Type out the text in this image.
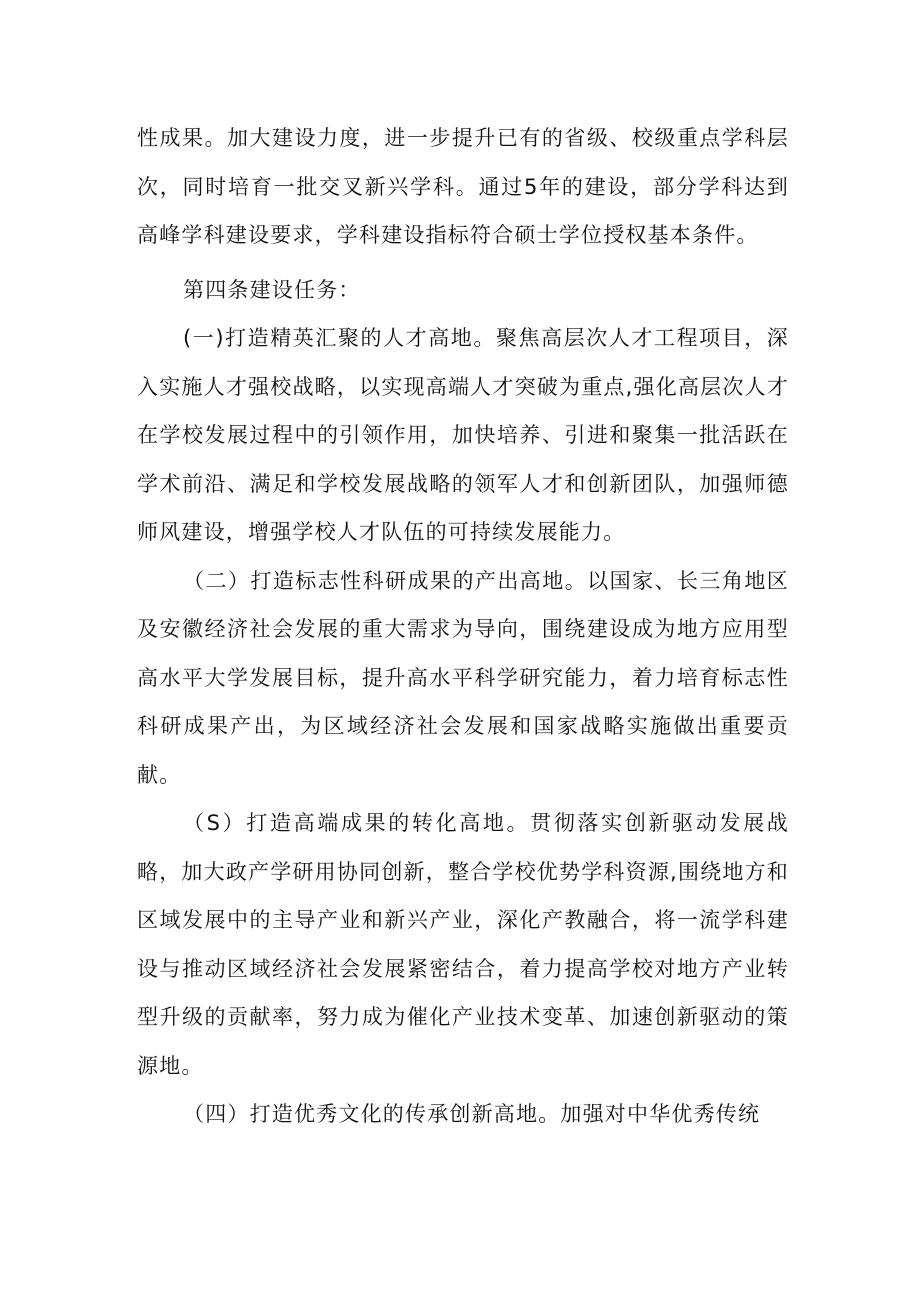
性成果。加大建设力度，进一步提升已有的省级、校级重点学科层次，同时培育一批交叉新兴学科。通过5年的建设，部分学科达到高峰学科建设要求，学科建设指标符合硕士学位授权基本条件。

第四条建设任务：

(一)打造精英汇聚的人才高地。聚焦高层次人才工程项目，深入实施人才强校战略，以实现高端人才突破为重点,强化高层次人才在学校发展过程中的引领作用，加快培养、引进和聚集一批活跃在学术前沿、满足和学校发展战略的领军人才和创新团队，加强师德师风建设，增强学校人才队伍的可持续发展能力。

（二）打造标志性科研成果的产出高地。以国家、长三角地区及安徽经济社会发展的重大需求为导向，围绕建设成为地方应用型高水平大学发展目标，提升高水平科学研究能力，着力培育标志性科研成果产出，为区域经济社会发展和国家战略实施做出重要贡献。

（S）打造高端成果的转化高地。贯彻落实创新驱动发展战略，加大政产学研用协同创新，整合学校优势学科资源,围绕地方和区域发展中的主导产业和新兴产业，深化产教融合，将一流学科建设与推动区域经济社会发展紧密结合，着力提高学校对地方产业转型升级的贡献率，努力成为催化产业技术变革、加速创新驱动的策源地。

（四）打造优秀文化的传承创新高地。加强对中华优秀传统
